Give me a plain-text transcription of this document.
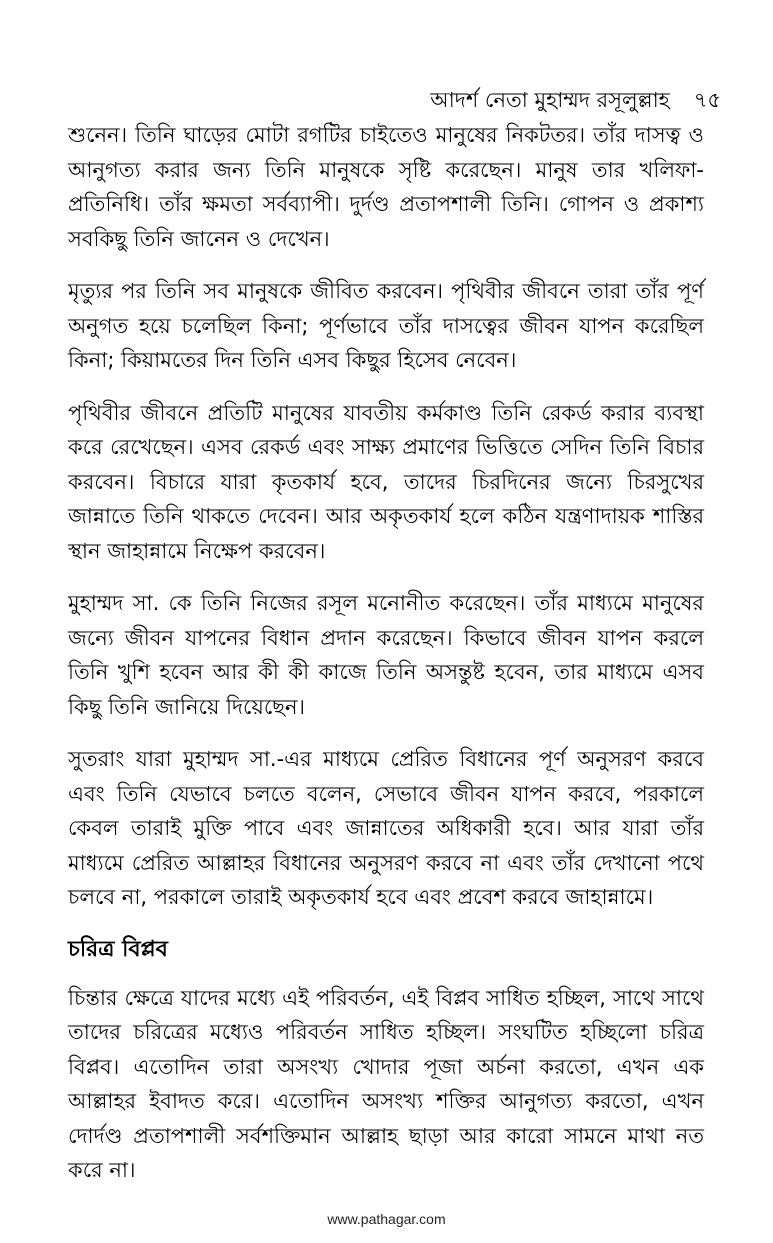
আদর্শ নেতা মুহাম্মদ রসূলুল্লাহ ৭৫

শুনেন। তিনি ঘাড়ের মোটা রগটির চাইতেও মানুষের নিকটতর। তাঁর দাসত্ব ও আনুগত্য করার জন্য তিনি মানুষকে সৃষ্টি করেছেন। মানুষ তার খলিফা-প্রতিনিধি। তাঁর ক্ষমতা সর্বব্যাপী। দুর্দণ্ড প্রতাপশালী তিনি। গোপন ও প্রকাশ্য সবকিছু তিনি জানেন ও দেখেন।

মৃত্যুর পর তিনি সব মানুষকে জীবিত করবেন। পৃথিবীর জীবনে তারা তাঁর পূর্ণ অনুগত হয়ে চলেছিল কিনা; পূর্ণভাবে তাঁর দাসত্বের জীবন যাপন করেছিল কিনা; কিয়ামতের দিন তিনি এসব কিছুর হিসেব নেবেন।

পৃথিবীর জীবনে প্রতিটি মানুষের যাবতীয় কর্মকাণ্ড তিনি রেকর্ড করার ব্যবস্থা করে রেখেছেন। এসব রেকর্ড এবং সাক্ষ্য প্রমাণের ভিত্তিতে সেদিন তিনি বিচার করবেন। বিচারে যারা কৃতকার্য হবে, তাদের চিরদিনের জন্যে চিরসুখের জান্নাতে তিনি থাকতে দেবেন। আর অকৃতকার্য হলে কঠিন যন্ত্রণাদায়ক শাস্তির স্থান জাহান্নামে নিক্ষেপ করবেন।

মুহাম্মদ সা. কে তিনি নিজের রসূল মনোনীত করেছেন। তাঁর মাধ্যমে মানুষের জন্যে জীবন যাপনের বিধান প্রদান করেছেন। কিভাবে জীবন যাপন করলে তিনি খুশি হবেন আর কী কী কাজে তিনি অসন্তুষ্ট হবেন, তার মাধ্যমে এসব কিছু তিনি জানিয়ে দিয়েছেন।

সুতরাং যারা মুহাম্মদ সা.-এর মাধ্যমে প্রেরিত বিধানের পূর্ণ অনুসরণ করবে এবং তিনি যেভাবে চলতে বলেন, সেভাবে জীবন যাপন করবে, পরকালে কেবল তারাই মুক্তি পাবে এবং জান্নাতের অধিকারী হবে। আর যারা তাঁর মাধ্যমে প্রেরিত আল্লাহর বিধানের অনুসরণ করবে না এবং তাঁর দেখানো পথে চলবে না, পরকালে তারাই অকৃতকার্য হবে এবং প্রবেশ করবে জাহান্নামে।

চরিত্র বিপ্লব

চিন্তার ক্ষেত্রে যাদের মধ্যে এই পরিবর্তন, এই বিপ্লব সাধিত হচ্ছিল, সাথে সাথে তাদের চরিত্রের মধ্যেও পরিবর্তন সাধিত হচ্ছিল। সংঘটিত হচ্ছিলো চরিত্র বিপ্লব। এতোদিন তারা অসংখ্য খোদার পূজা অর্চনা করতো, এখন এক আল্লাহর ইবাদত করে। এতোদিন অসংখ্য শক্তির আনুগত্য করতো, এখন দোর্দণ্ড প্রতাপশালী সর্বশক্তিমান আল্লাহ ছাড়া আর কারো সামনে মাথা নত করে না।

www.pathagar.com
